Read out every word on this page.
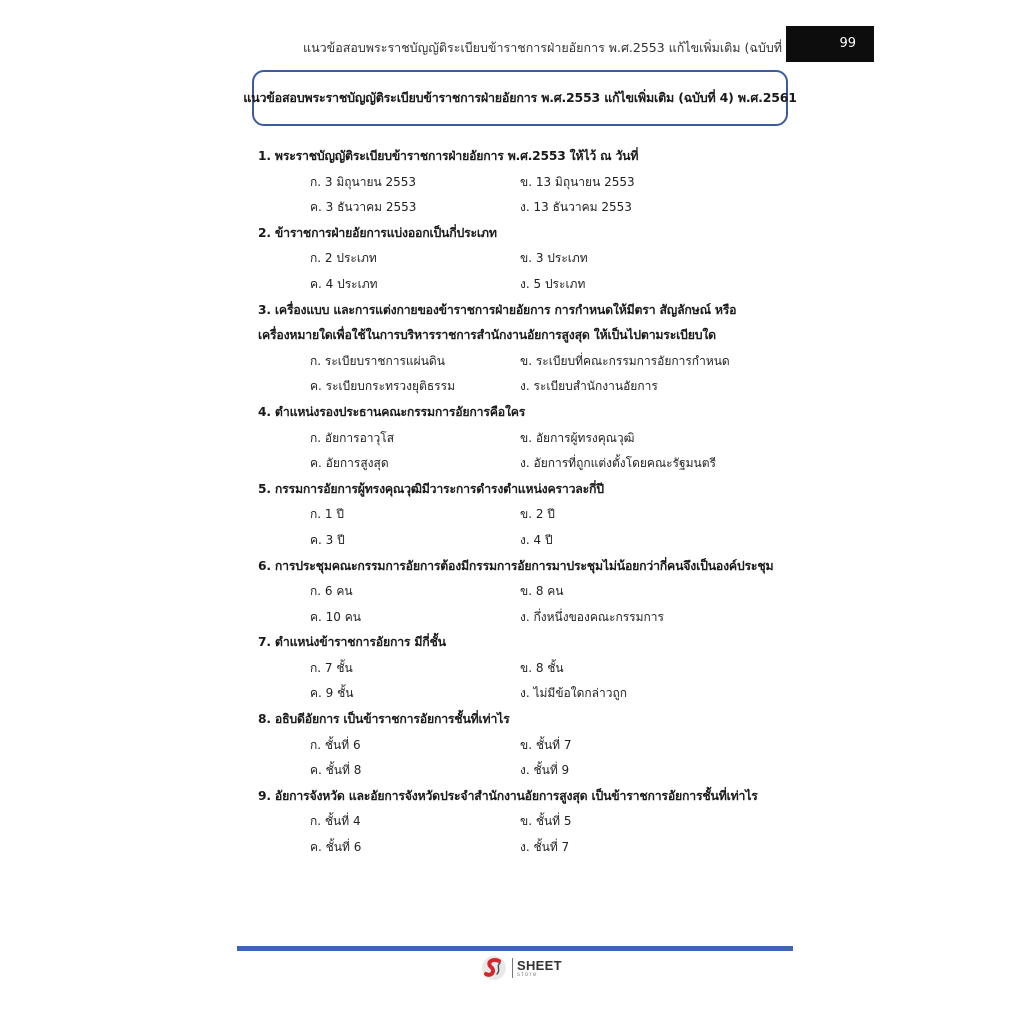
แนวข้อสอบพระราชบัญญัติระเบียบข้าราชการฝ่ายอัยการ พ.ศ.2553 แก้ไขเพิ่มเติม (ฉบับที่	99
แนวข้อสอบพระราชบัญญัติระเบียบข้าราชการฝ่ายอัยการ พ.ศ.2553 แก้ไขเพิ่มเติม (ฉบับที่ 4) พ.ศ.2561
1. พระราชบัญญัติระเบียบข้าราชการฝ่ายอัยการ พ.ศ.2553 ให้ไว้ ณ วันที่
ก. 3 มิถุนายน 2553	ข. 13 มิถุนายน 2553
ค. 3 ธันวาคม 2553	ง. 13 ธันวาคม 2553
2. ข้าราชการฝ่ายอัยการแบ่งออกเป็นกี่ประเภท
ก. 2 ประเภท	ข. 3 ประเภท
ค. 4 ประเภท	ง. 5 ประเภท
3. เครื่องแบบ และการแต่งกายของข้าราชการฝ่ายอัยการ การกำหนดให้มีตรา สัญลักษณ์ หรือ
เครื่องหมายใดเพื่อใช้ในการบริหารราชการสำนักงานอัยการสูงสุด ให้เป็นไปตามระเบียบใด
ก. ระเบียบราชการแผ่นดิน	ข. ระเบียบที่คณะกรรมการอัยการกำหนด
ค. ระเบียบกระทรวงยุติธรรม	ง. ระเบียบสำนักงานอัยการ
4. ตำแหน่งรองประธานคณะกรรมการอัยการคือใคร
ก. อัยการอาวุโส	ข. อัยการผู้ทรงคุณวุฒิ
ค. อัยการสูงสุด	ง. อัยการที่ถูกแต่งตั้งโดยคณะรัฐมนตรี
5. กรรมการอัยการผู้ทรงคุณวุฒิมีวาระการดำรงตำแหน่งคราวละกี่ปี
ก. 1 ปี	ข. 2 ปี
ค. 3 ปี	ง. 4 ปี
6. การประชุมคณะกรรมการอัยการต้องมีกรรมการอัยการมาประชุมไม่น้อยกว่ากี่คนจึงเป็นองค์ประชุม
ก. 6 คน	ข. 8 คน
ค. 10 คน	ง. กึ่งหนึ่งของคณะกรรมการ
7. ตำแหน่งข้าราชการอัยการ มีกี่ชั้น
ก. 7 ชั้น	ข. 8 ชั้น
ค. 9 ชั้น	ง. ไม่มีข้อใดกล่าวถูก
8. อธิบดีอัยการ เป็นข้าราชการอัยการชั้นที่เท่าไร
ก. ชั้นที่ 6	ข. ชั้นที่ 7
ค. ชั้นที่ 8	ง. ชั้นที่ 9
9. อัยการจังหวัด และอัยการจังหวัดประจำสำนักงานอัยการสูงสุด เป็นข้าราชการอัยการชั้นที่เท่าไร
ก. ชั้นที่ 4	ข. ชั้นที่ 5
ค. ชั้นที่ 6	ง. ชั้นที่ 7
SHEET
store
